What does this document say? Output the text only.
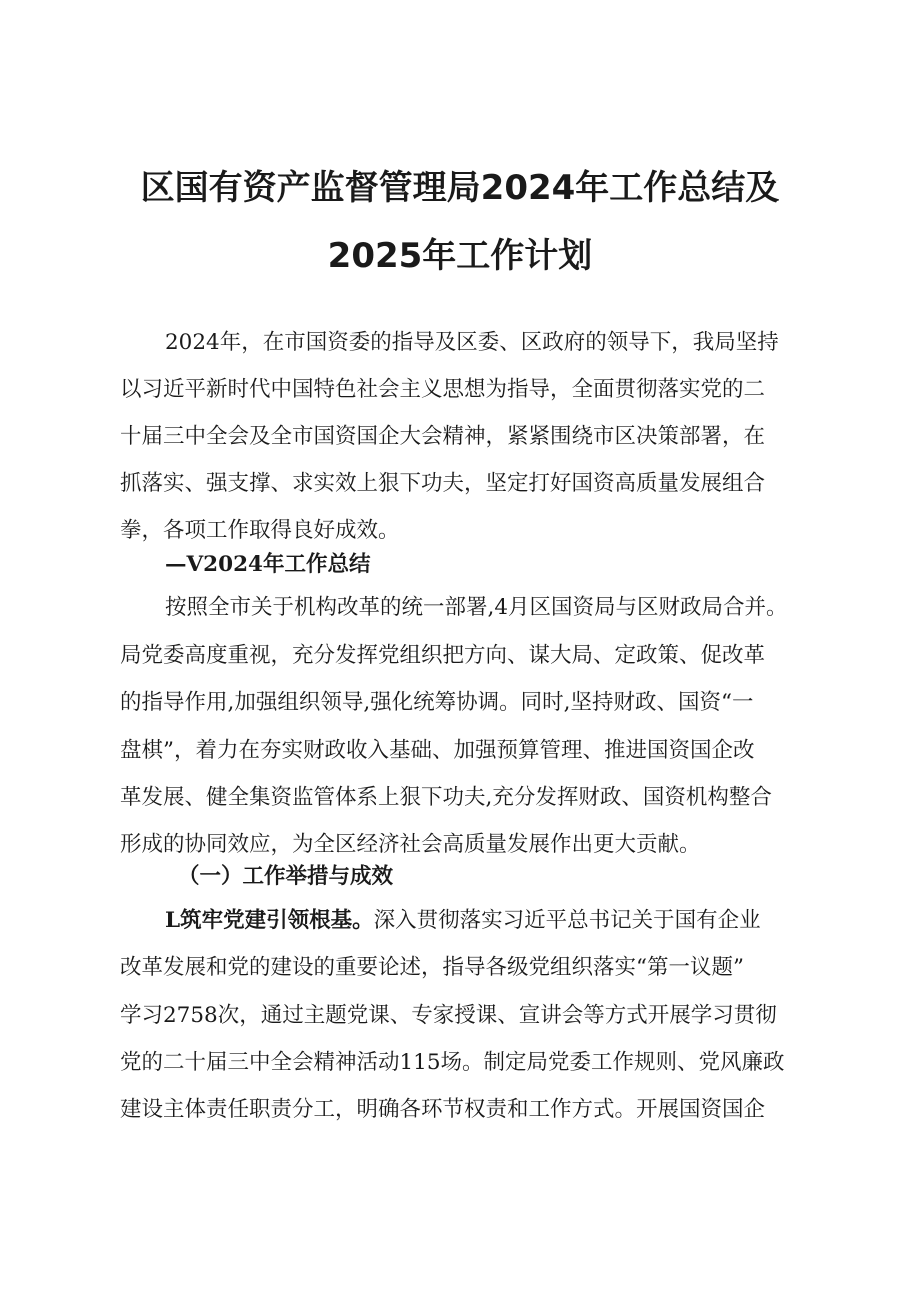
区国有资产监督管理局2024年工作总结及
2025年工作计划
2024年，在市国资委的指导及区委、区政府的领导下，我局坚持
以习近平新时代中国特色社会主义思想为指导，全面贯彻落实党的二
十届三中全会及全市国资国企大会精神，紧紧围绕市区决策部署，在
抓落实、强支撑、求实效上狠下功夫，坚定打好国资高质量发展组合
拳，各项工作取得良好成效。
—V2024年工作总结
按照全市关于机构改革的统一部署,4月区国资局与区财政局合并。
局党委高度重视，充分发挥党组织把方向、谋大局、定政策、促改革
的指导作用,加强组织领导,强化统筹协调。同时,坚持财政、国资“一
盘棋”，着力在夯实财政收入基础、加强预算管理、推进国资国企改
革发展、健全集资监管体系上狠下功夫,充分发挥财政、国资机构整合
形成的协同效应，为全区经济社会高质量发展作出更大贡献。
（一）工作举措与成效
L筑牢党建引领根基。深入贯彻落实习近平总书记关于国有企业
改革发展和党的建设的重要论述，指导各级党组织落实“第一议题”
学习2758次，通过主题党课、专家授课、宣讲会等方式开展学习贯彻
党的二十届三中全会精神活动115场。制定局党委工作规则、党风廉政
建设主体责任职责分工，明确各环节权责和工作方式。开展国资国企
